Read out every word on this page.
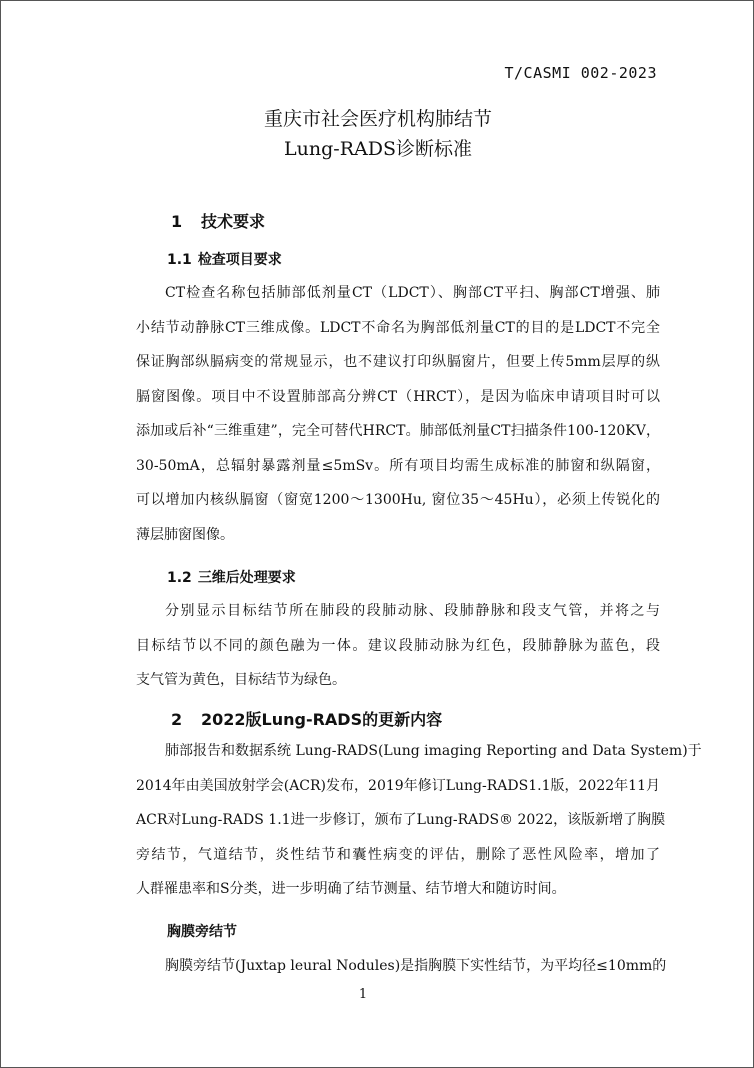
T/CASMI 002-2023
重庆市社会医疗机构肺结节
Lung-RADS诊断标准
1 技术要求
1.1 检查项目要求
CT检查名称包括肺部低剂量CT（LDCT）、胸部CT平扫、胸部CT增强、肺
小结节动静脉CT三维成像。LDCT不命名为胸部低剂量CT的目的是LDCT不完全
保证胸部纵膈病变的常规显示，也不建议打印纵膈窗片，但要上传5mm层厚的纵
膈窗图像。项目中不设置肺部高分辨CT（HRCT），是因为临床申请项目时可以
添加或后补“三维重建”，完全可替代HRCT。肺部低剂量CT扫描条件100-120KV，
30-50mA，总辐射暴露剂量≤5mSv。所有项目均需生成标准的肺窗和纵隔窗，
可以增加内核纵膈窗（窗宽1200～1300Hu, 窗位35～45Hu），必须上传锐化的
薄层肺窗图像。
1.2 三维后处理要求
分别显示目标结节所在肺段的段肺动脉、段肺静脉和段支气管，并将之与
目标结节以不同的颜色融为一体。建议段肺动脉为红色，段肺静脉为蓝色，段
支气管为黄色，目标结节为绿色。
2 2022版Lung-RADS的更新内容
肺部报告和数据系统 Lung-RADS(Lung imaging Reporting and Data System)于
2014年由美国放射学会(ACR)发布，2019年修订Lung-RADS1.1版，2022年11月
ACR对Lung-RADS 1.1进一步修订，颁布了Lung-RADS® 2022，该版新增了胸膜
旁结节，气道结节，炎性结节和囊性病变的评估，删除了恶性风险率，增加了
人群罹患率和S分类，进一步明确了结节测量、结节增大和随访时间。
胸膜旁结节
胸膜旁结节(Juxtap leural Nodules)是指胸膜下实性结节，为平均径≤10mm的
1
